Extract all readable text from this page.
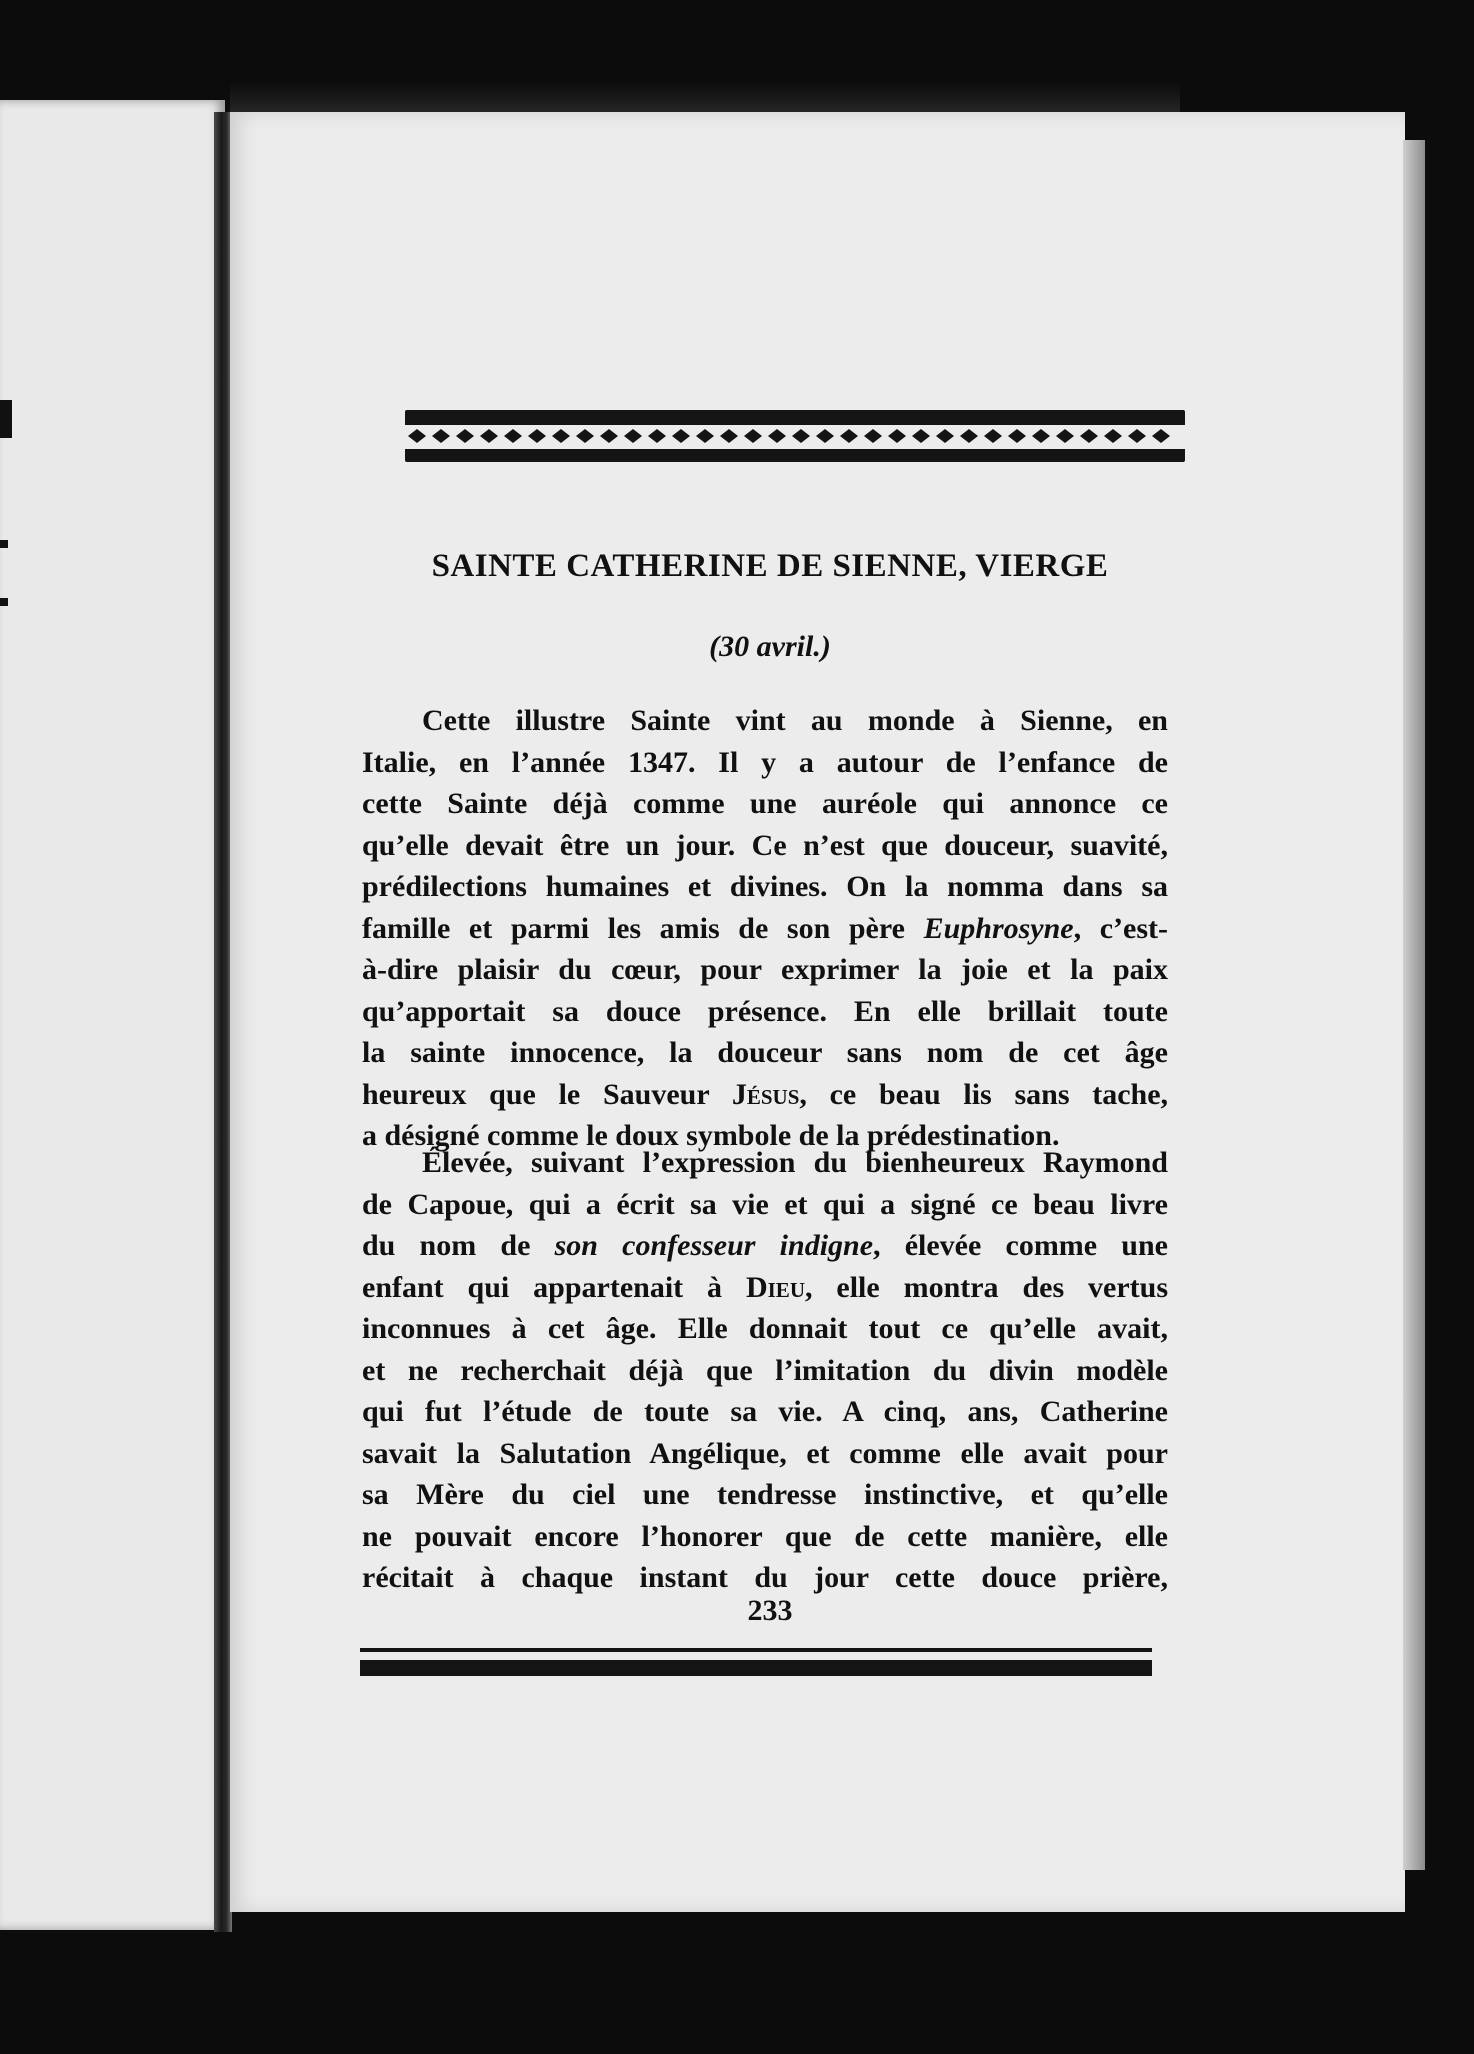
SAINTE CATHERINE DE SIENNE, VIERGE
(30 avril.)
Cette illustre Sainte vint au monde à Sienne, en
Italie, en l’année 1347. Il y a autour de l’enfance de
cette Sainte déjà comme une auréole qui annonce ce
qu’elle devait être un jour. Ce n’est que douceur, suavité,
prédilections humaines et divines. On la nomma dans sa
famille et parmi les amis de son père Euphrosyne, c’est-
à-dire plaisir du cœur, pour exprimer la joie et la paix
qu’apportait sa douce présence. En elle brillait toute
la sainte innocence, la douceur sans nom de cet âge
heureux que le Sauveur Jésus, ce beau lis sans tache,
a désigné comme le doux symbole de la prédestination.
Élevée, suivant l’expression du bienheureux Raymond
de Capoue, qui a écrit sa vie et qui a signé ce beau livre
du nom de son confesseur indigne, élevée comme une
enfant qui appartenait à Dieu, elle montra des vertus
inconnues à cet âge. Elle donnait tout ce qu’elle avait,
et ne recherchait déjà que l’imitation du divin modèle
qui fut l’étude de toute sa vie. A cinq, ans, Catherine
savait la Salutation Angélique, et comme elle avait pour
sa Mère du ciel une tendresse instinctive, et qu’elle
ne pouvait encore l’honorer que de cette manière, elle
récitait à chaque instant du jour cette douce prière,
233
